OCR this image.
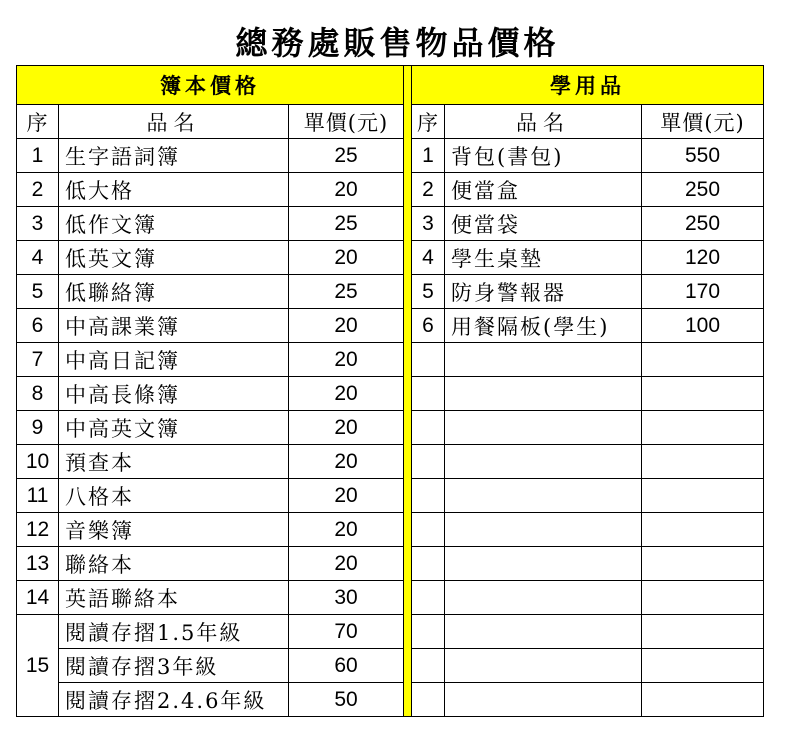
總務處販售物品價格
簿本價格				學用品		
序	品名	單價(元)		序	品名	單價(元)
1	生字語詞簿	25		1	背包(書包)	550
2	低大格	20		2	便當盒	250
3	低作文簿	25		3	便當袋	250
4	低英文簿	20		4	學生桌墊	120
5	低聯絡簿	25		5	防身警報器	170
6	中高課業簿	20		6	用餐隔板(學生)	100
7	中高日記簿	20				
8	中高長條簿	20				
9	中高英文簿	20				
10	預查本	20				
11	八格本	20				
12	音樂簿	20				
13	聯絡本	20				
14	英語聯絡本	30				
15	閱讀存摺1.5年級	70				
	閱讀存摺3年級	60				
	閱讀存摺2.4.6年級	50				
